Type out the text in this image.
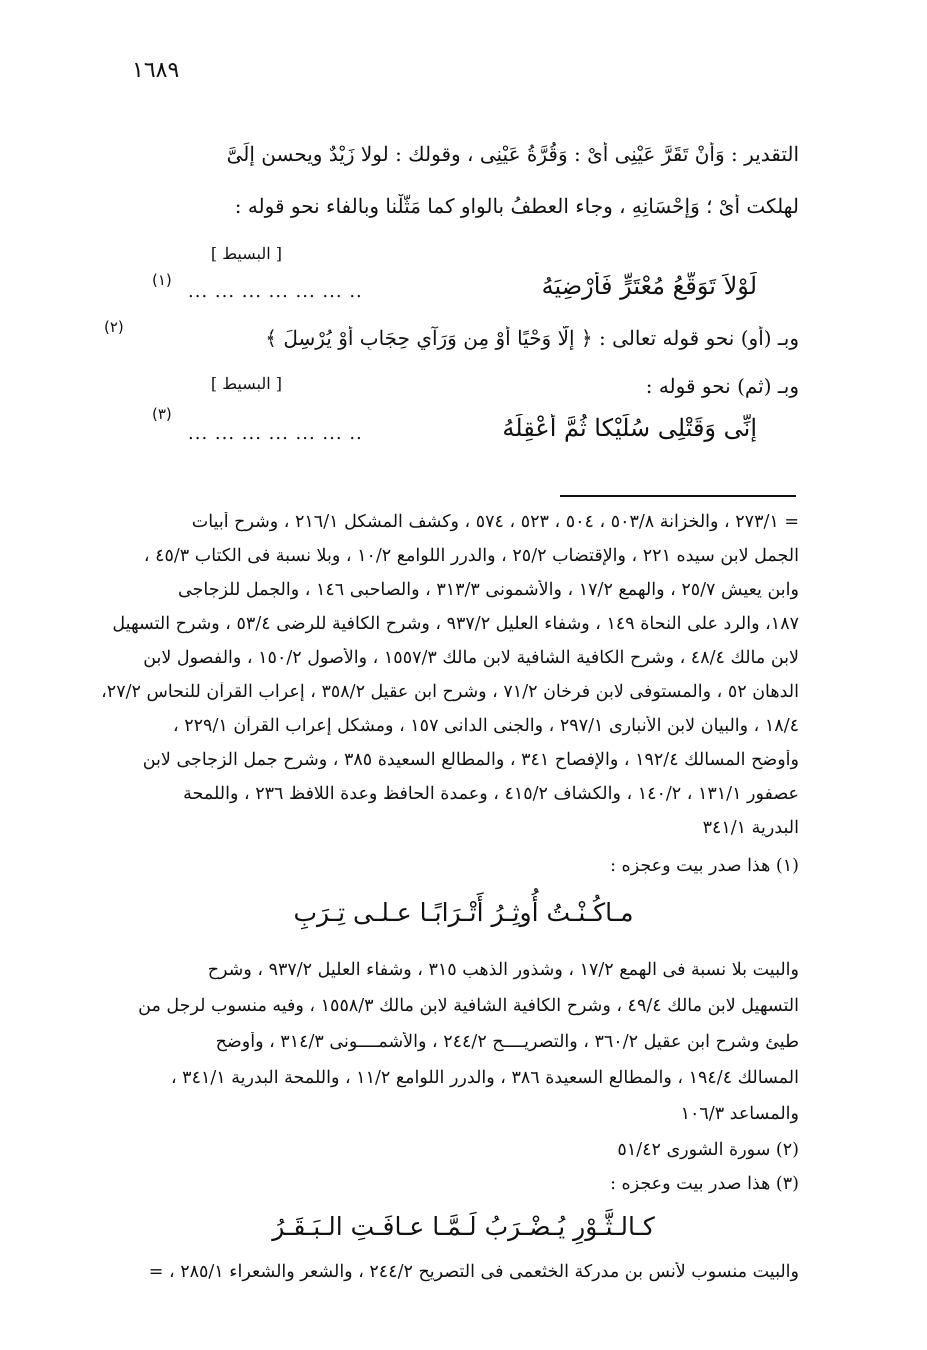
١٦٨٩
التقدير : وَأَنْ تَقَرَّ عَيْنِى أَىْ : وَقُرَّةُ عَيْنِى ، وقولك : لولا زَيْدٌ ويحسن إِلَىَّ
لهلكت أَىْ ؛ وَإِحْسَانِهِ ، وجاء العطفُ بالواو كما مَثَّلْنا وبالفاء نحو قوله :
[ البسيط ]
لَوْلاَ تَوَقُّعُ مُعْتَرٍّ فَأُرْضِيَهُ
... ... ... ... ... ... ..
(١)
وبـ (أو) نحو قوله تعالى : ﴿ إِلَّا وَحْيًا أَوْ مِن وَرَآيِ حِجَابٍ أَوْ يُرْسِلَ ﴾
(٢)
وبـ (ثم) نحو قوله :
[ البسيط ]
إِنِّى وَقَتْلِى سُلَيْكا ثُمَّ أَعْقِلَهُ
... ... ... ... ... ... ..
(٣)
= ٢٧٣/١ ، والخزانة ٥٠٣/٨ ، ٥٠٤ ، ٥٢٣ ، ٥٧٤ ، وكشف المشكل ٢١٦/١ ، وشرح أبيات
الجمل لابن سيده ٢٢١ ، والإقتضاب ٢٥/٢ ، والدرر اللوامع ١٠/٢ ، وبلا نسبة فى الكتاب ٤٥/٣ ،
وابن يعيش ٢٥/٧ ، والهمع ١٧/٢ ، والأشمونى ٣١٣/٣ ، والصاحبى ١٤٦ ، والجمل للزجاجى
١٨٧، والرد على النحاة ١٤٩ ، وشفاء العليل ٩٣٧/٢ ، وشرح الكافية للرضى ٥٣/٤ ، وشرح التسهيل
لابن مالك ٤٨/٤ ، وشرح الكافية الشافية لابن مالك ١٥٥٧/٣ ، والأصول ١٥٠/٢ ، والفصول لابن
الدهان ٥٢ ، والمستوفى لابن فرخان ٧١/٢ ، وشرح ابن عقيل ٣٥٨/٢ ، إعراب القرآن للنحاس ٢٧/٢،
١٨/٤ ، والبيان لابن الأنبارى ٢٩٧/١ ، والجنى الدانى ١٥٧ ، ومشكل إعراب القرآن ٢٢٩/١ ،
وأوضح المسالك ١٩٢/٤ ، والإفصاح ٣٤١ ، والمطالع السعيدة ٣٨٥ ، وشرح جمل الزجاجى لابن
عصفور ١٣١/١ ، ١٤٠/٢ ، والكشاف ٤١٥/٢ ، وعمدة الحافظ وعدة اللافظ ٢٣٦ ، واللمحة
البدرية ٣٤١/١
(١) هذا صدر بيت وعجزه :
مـاكُـنْـتُ أُوثِـرُ أَتْـرَابًـا عـلـى تِـرَبِ
والبيت بلا نسبة فى الهمع ١٧/٢ ، وشذور الذهب ٣١٥ ، وشفاء العليل ٩٣٧/٢ ، وشرح
التسهيل لابن مالك ٤٩/٤ ، وشرح الكافية الشافية لابن مالك ١٥٥٨/٣ ، وفيه منسوب لرجل من
طيئ وشرح ابن عقيل ٣٦٠/٢ ، والتصريــــح ٢٤٤/٢ ، والأشمــــونى ٣١٤/٣ ، وأوضح
المسالك ١٩٤/٤ ، والمطالع السعيدة ٣٨٦ ، والدرر اللوامع ١١/٢ ، واللمحة البدرية ٣٤١/١ ،
والمساعد ١٠٦/٣
(٢) سورة الشورى ٥١/٤٢
(٣) هذا صدر بيت وعجزه :
كـالـثَّـوْرِ يُـضْـرَبُ لَـمَّـا عـافَـتِ الـبَـقَـرُ
والبيت منسوب لأنس بن مدركة الخثعمى فى التصريح ٢٤٤/٢ ، والشعر والشعراء ٢٨٥/١ ، =
